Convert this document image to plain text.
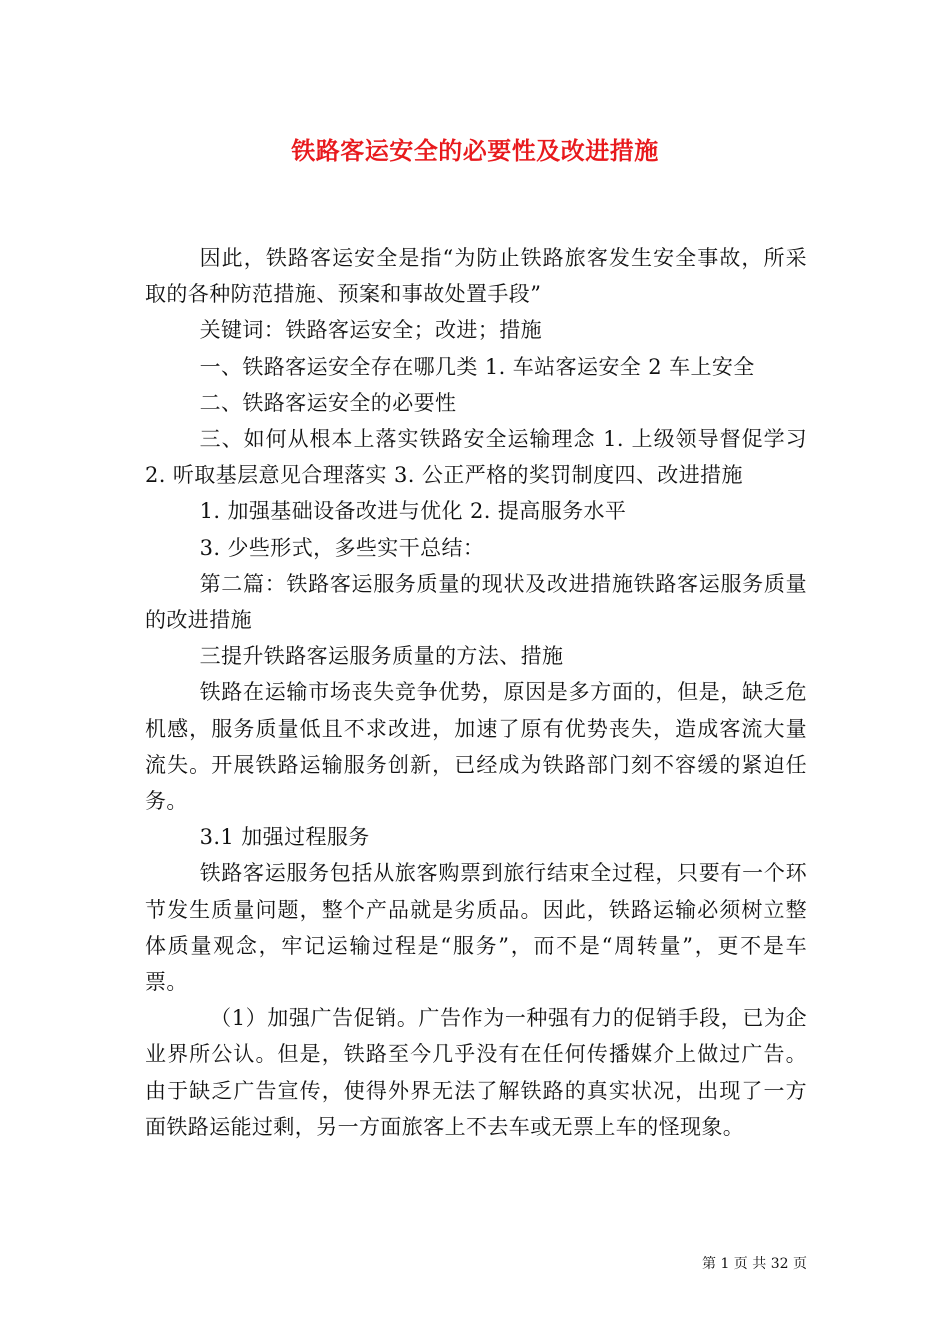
铁路客运安全的必要性及改进措施

因此，铁路客运安全是指“为防止铁路旅客发生安全事故，所采取的各种防范措施、预案和事故处置手段”

关键词：铁路客运安全；改进；措施

一、铁路客运安全存在哪几类 1. 车站客运安全 2 车上安全

二、铁路客运安全的必要性

三、如何从根本上落实铁路安全运输理念 1. 上级领导督促学习 2. 听取基层意见合理落实 3. 公正严格的奖罚制度四、改进措施

1. 加强基础设备改进与优化 2. 提高服务水平

3. 少些形式，多些实干总结：

第二篇：铁路客运服务质量的现状及改进措施铁路客运服务质量的改进措施

三提升铁路客运服务质量的方法、措施

铁路在运输市场丧失竞争优势，原因是多方面的，但是，缺乏危机感，服务质量低且不求改进，加速了原有优势丧失，造成客流大量流失。开展铁路运输服务创新，已经成为铁路部门刻不容缓的紧迫任务。

3.1 加强过程服务

铁路客运服务包括从旅客购票到旅行结束全过程，只要有一个环节发生质量问题，整个产品就是劣质品。因此，铁路运输必须树立整体质量观念，牢记运输过程是“服务”，而不是“周转量”，更不是车票。

（1）加强广告促销。广告作为一种强有力的促销手段，已为企业界所公认。但是，铁路至今几乎没有在任何传播媒介上做过广告。由于缺乏广告宣传，使得外界无法了解铁路的真实状况，出现了一方面铁路运能过剩，另一方面旅客上不去车或无票上车的怪现象。

第 1 页 共 32 页
